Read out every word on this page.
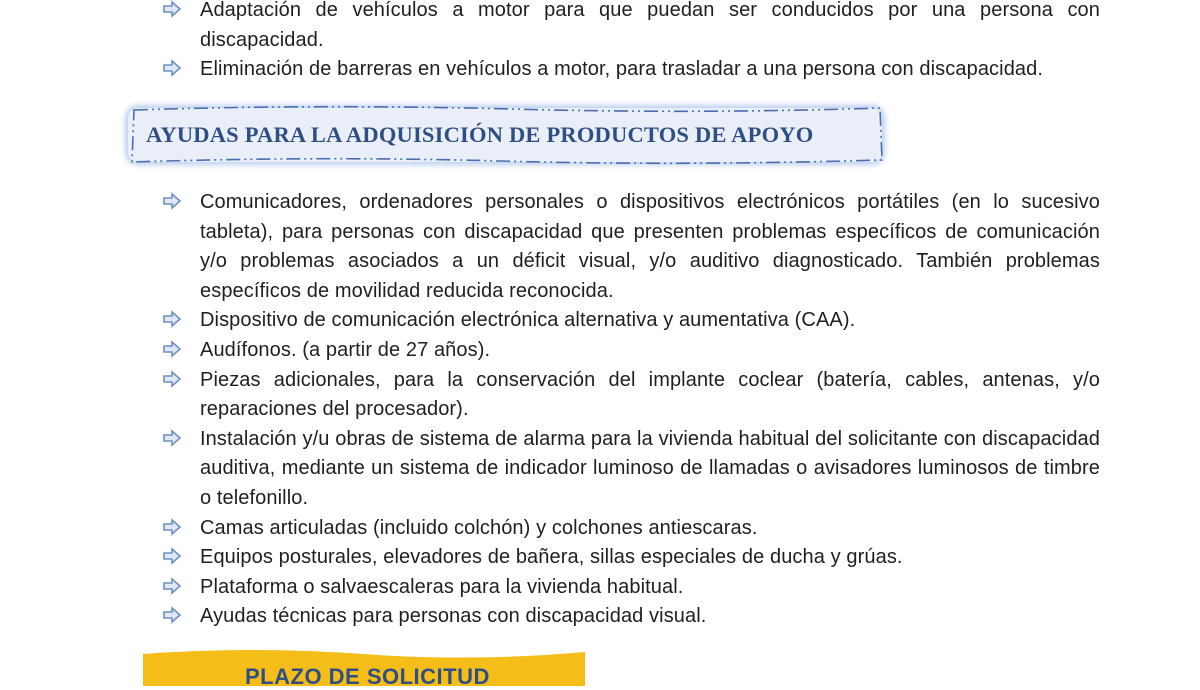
Adaptación de vehículos a motor para que puedan ser conducidos por una persona con discapacidad.
Eliminación de barreras en vehículos a motor, para trasladar a una persona con discapacidad.
AYUDAS PARA LA ADQUISICIÓN DE PRODUCTOS DE APOYO
Comunicadores, ordenadores personales o dispositivos electrónicos portátiles (en lo sucesivo tableta), para personas con discapacidad que presenten problemas específicos de comunicación y/o problemas asociados a un déficit visual, y/o auditivo diagnosticado. También problemas específicos de movilidad reducida reconocida.
Dispositivo de comunicación electrónica alternativa y aumentativa (CAA).
Audífonos. (a partir de 27 años).
Piezas adicionales, para la conservación del implante coclear (batería, cables, antenas, y/o reparaciones del procesador).
Instalación y/u obras de sistema de alarma para la vivienda habitual del solicitante con discapacidad auditiva, mediante un sistema de indicador luminoso de llamadas o avisadores luminosos de timbre o telefonillo.
Camas articuladas (incluido colchón) y colchones antiescaras.
Equipos posturales, elevadores de bañera, sillas especiales de ducha y grúas.
Plataforma o salvaescaleras para la vivienda habitual.
Ayudas técnicas para personas con discapacidad visual.
PLAZO DE SOLICITUD
